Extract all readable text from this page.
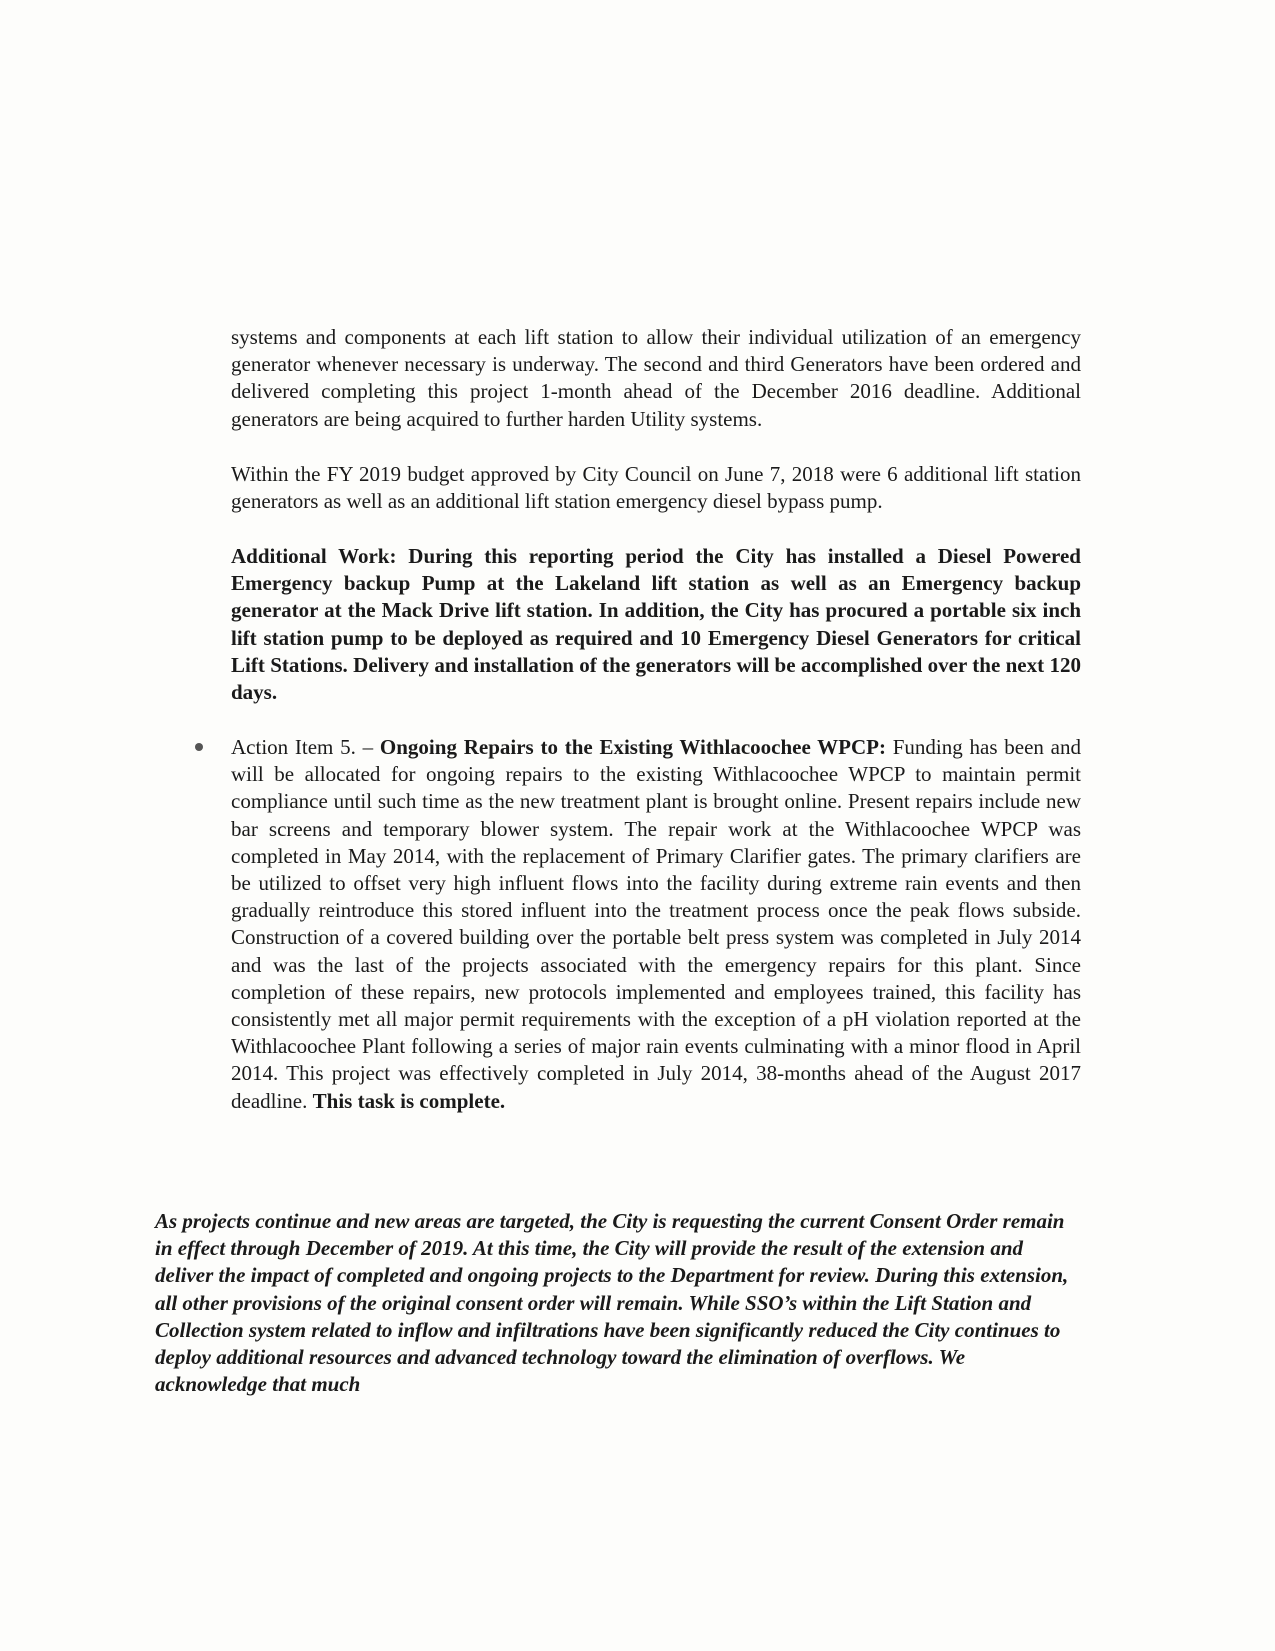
systems and components at each lift station to allow their individual utilization of an emergency generator whenever necessary is underway. The second and third Generators have been ordered and delivered completing this project 1-month ahead of the December 2016 deadline. Additional generators are being acquired to further harden Utility systems.

Within the FY 2019 budget approved by City Council on June 7, 2018 were 6 additional lift station generators as well as an additional lift station emergency diesel bypass pump.

Additional Work: During this reporting period the City has installed a Diesel Powered Emergency backup Pump at the Lakeland lift station as well as an Emergency backup generator at the Mack Drive lift station. In addition, the City has procured a portable six inch lift station pump to be deployed as required and 10 Emergency Diesel Generators for critical Lift Stations. Delivery and installation of the generators will be accomplished over the next 120 days.

Action Item 5. – Ongoing Repairs to the Existing Withlacoochee WPCP: Funding has been and will be allocated for ongoing repairs to the existing Withlacoochee WPCP to maintain permit compliance until such time as the new treatment plant is brought online. Present repairs include new bar screens and temporary blower system. The repair work at the Withlacoochee WPCP was completed in May 2014, with the replacement of Primary Clarifier gates. The primary clarifiers are be utilized to offset very high influent flows into the facility during extreme rain events and then gradually reintroduce this stored influent into the treatment process once the peak flows subside. Construction of a covered building over the portable belt press system was completed in July 2014 and was the last of the projects associated with the emergency repairs for this plant. Since completion of these repairs, new protocols implemented and employees trained, this facility has consistently met all major permit requirements with the exception of a pH violation reported at the Withlacoochee Plant following a series of major rain events culminating with a minor flood in April 2014. This project was effectively completed in July 2014, 38-months ahead of the August 2017 deadline. This task is complete.

As projects continue and new areas are targeted, the City is requesting the current Consent Order remain in effect through December of 2019. At this time, the City will provide the result of the extension and deliver the impact of completed and ongoing projects to the Department for review. During this extension, all other provisions of the original consent order will remain. While SSO’s within the Lift Station and Collection system related to inflow and infiltrations have been significantly reduced the City continues to deploy additional resources and advanced technology toward the elimination of overflows. We acknowledge that much
